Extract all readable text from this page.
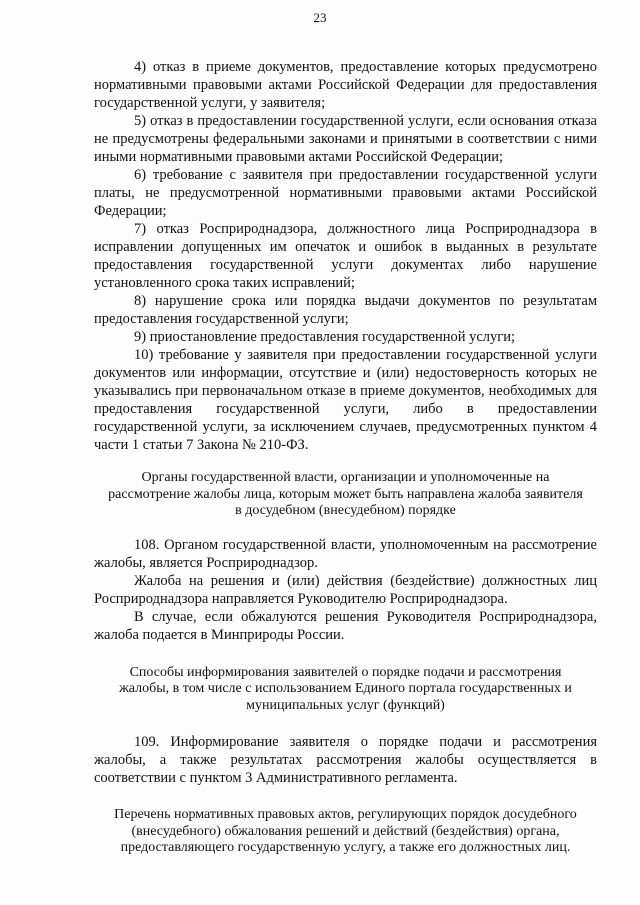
23

4) отказ в приеме документов, предоставление которых предусмотрено нормативными правовыми актами Российской Федерации для предоставления государственной услуги, у заявителя;

5) отказ в предоставлении государственной услуги, если основания отказа не предусмотрены федеральными законами и принятыми в соответствии с ними иными нормативными правовыми актами Российской Федерации;

6) требование с заявителя при предоставлении государственной услуги платы, не предусмотренной нормативными правовыми актами Российской Федерации;

7) отказ Росприроднадзора, должностного лица Росприроднадзора в исправлении допущенных им опечаток и ошибок в выданных в результате предоставления государственной услуги документах либо нарушение установленного срока таких исправлений;

8) нарушение срока или порядка выдачи документов по результатам предоставления государственной услуги;

9) приостановление предоставления государственной услуги;

10) требование у заявителя при предоставлении государственной услуги документов или информации, отсутствие и (или) недостоверность которых не указывались при первоначальном отказе в приеме документов, необходимых для предоставления государственной услуги, либо в предоставлении государственной услуги, за исключением случаев, предусмотренных пунктом 4 части 1 статьи 7 Закона № 210-ФЗ.

Органы государственной власти, организации и уполномоченные на рассмотрение жалобы лица, которым может быть направлена жалоба заявителя в досудебном (внесудебном) порядке

108. Органом государственной власти, уполномоченным на рассмотрение жалобы, является Росприроднадзор.

Жалоба на решения и (или) действия (бездействие) должностных лиц Росприроднадзора направляется Руководителю Росприроднадзора.

В случае, если обжалуются решения Руководителя Росприроднадзора, жалоба подается в Минприроды России.

Способы информирования заявителей о порядке подачи и рассмотрения жалобы, в том числе с использованием Единого портала государственных и муниципальных услуг (функций)

109. Информирование заявителя о порядке подачи и рассмотрения жалобы, а также результатах рассмотрения жалобы осуществляется в соответствии с пунктом 3 Административного регламента.

Перечень нормативных правовых актов, регулирующих порядок досудебного (внесудебного) обжалования решений и действий (бездействия) органа, предоставляющего государственную услугу, а также его должностных лиц.
